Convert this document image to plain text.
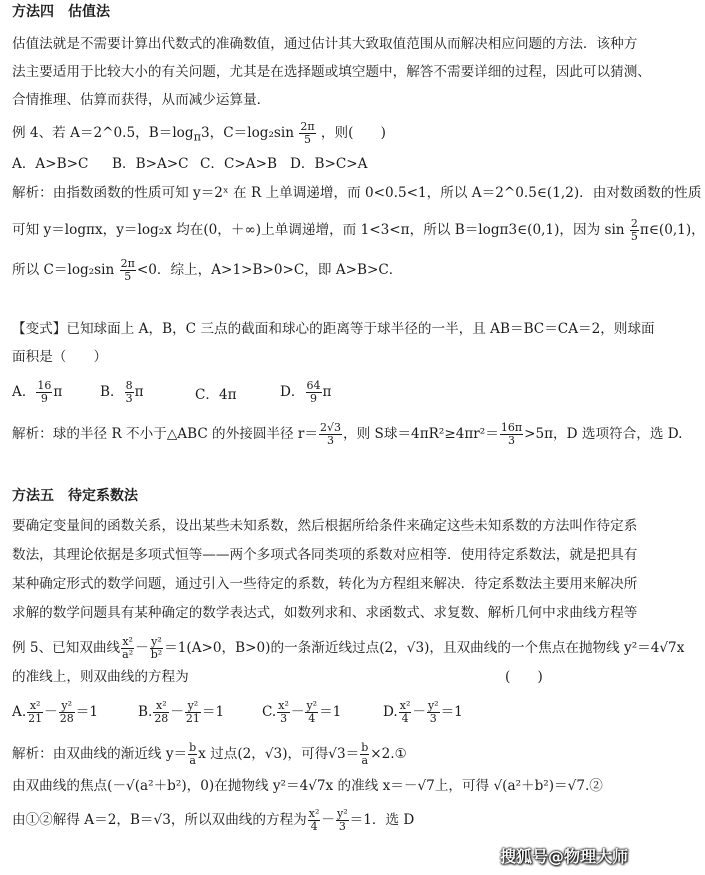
方法四　估值法
估值法就是不需要计算出代数式的准确数值，通过估计其大致取值范围从而解决相应问题的方法．该种方
法主要适用于比较大小的有关问题，尤其是在选择题或填空题中，解答不需要详细的过程，因此可以猜测、
合情推理、估算而获得，从而减少运算量．
例 4、若 A＝2^0.5，$B=\log_\pi 3$，$C=\log_2\sin \frac{2\pi}{5}$ ，则(　　)
A．A>B>C B．B>A>C C．C>A>B D．B>C>A
解析：由指数函数的性质可知 y＝2ˣ 在 R 上单调递增，而 0<0.5<1，所以 A＝2^0.5∈(1,2)．由对数函数的性质
可知 y＝logπx，y＝log₂x 均在(0，＋∞)上单调递增，而 1<3<π，所以 B＝logπ3∈(0,1)，因为 $\sin \frac{2}{5}$ π∈(0,1)，
所以 $C=\log_2\sin \frac{2\pi}{5} <0$．综上，A>1>B>0>C，即 A>B>C．
【变式】已知球面上 A，B，C 三点的截面和球心的距离等于球半径的一半，且 AB＝BC＝CA＝2，则球面
面积是（　　）
A． $\frac{16}{9}$ π	B． $\frac{8}{3}$ π	C．4π	D． $\frac{64}{9}$ π
解析：球的半径 R 不小于△ABC 的外接圆半径 $r= \frac{2√3}{3}$ ，则 S球$=4\pi R^2\ge 4\pi r^2= \frac{16\pi}{3} >5\pi$，D 选项符合，选 D.
方法五　待定系数法
要确定变量间的函数关系，设出某些未知系数，然后根据所给条件来确定这些未知系数的方法叫作待定系
数法，其理论依据是多项式恒等——两个多项式各同类项的系数对应相等．使用待定系数法，就是把具有
某种确定形式的数学问题，通过引入一些待定的系数，转化为方程组来解决．待定系数法主要用来解决所
求解的数学问题具有某种确定的数学表达式，如数列求和、求函数式、求复数、解析几何中求曲线方程等
例 5、已知双曲线 $\frac{\text{x²}}{\text{a²}} - \frac{\text{y²}}{\text{b²}} =1(A>0$，B>0)的一条渐近线过点(2，√3)，且双曲线的一个焦点在抛物线 y²＝4√7x
的准线上，则双曲线的方程为	(　　)
A. $\frac{\text{x²}}{21} - \frac{\text{y²}}{28} =1$	B. $\frac{\text{x²}}{28} - \frac{\text{y²}}{21} =1$	C. $\frac{\text{x²}}{3} - \frac{\text{y²}}{4} =1$	D. $\frac{\text{x²}}{4} - \frac{\text{y²}}{3} =1$
解析：由双曲线的渐近线 $y= \frac{b}{a}$ x 过点(2，√3)，可得$√3= \frac{b}{a}$ ×2.①
由双曲线的焦点(－√(a²＋b²)，0)在抛物线 y²＝4√7x 的准线 x＝－√7上，可得 √(a²＋b²)＝√7.②
由①②解得 A＝2，B＝√3，所以双曲线的方程为 $\frac{\text{x²}}{4} - \frac{\text{y²}}{3} =1$．选 D
搜狐号@物理大师
